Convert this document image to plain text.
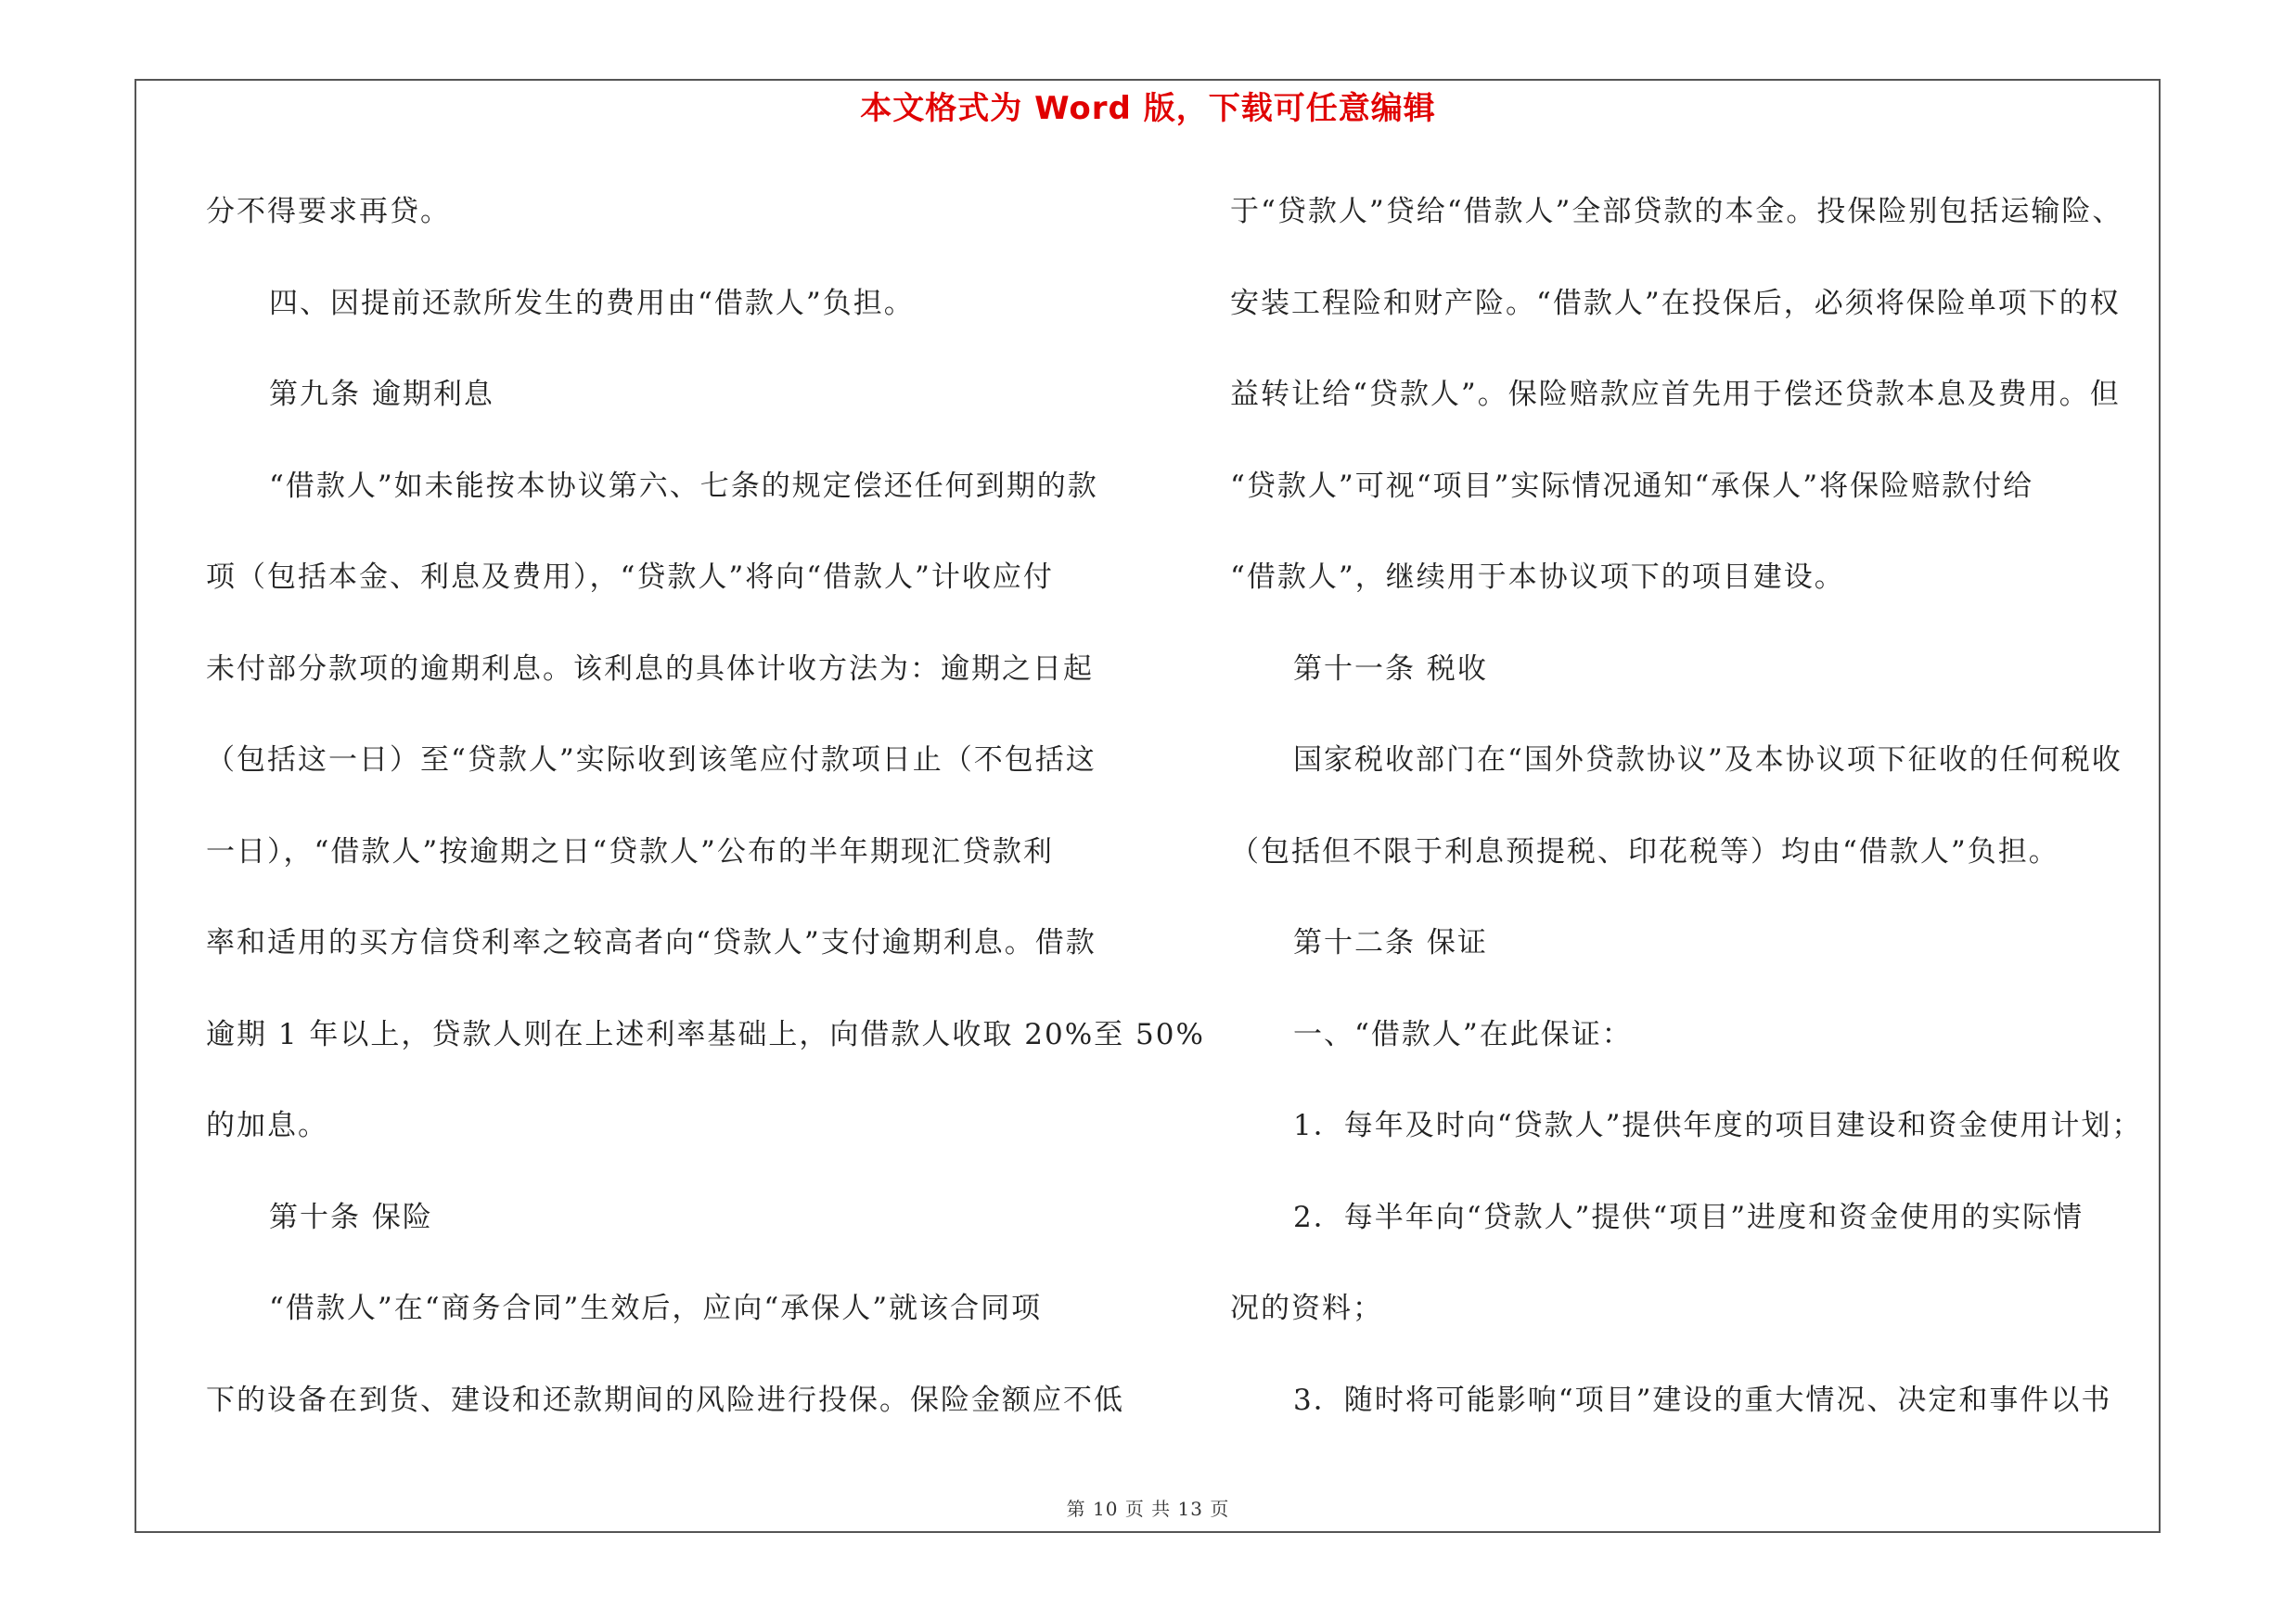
本文格式为 Word 版，下载可任意编辑
分不得要求再贷。
四、因提前还款所发生的费用由“借款人”负担。
第九条 逾期利息
“借款人”如未能按本协议第六、七条的规定偿还任何到期的款
项（包括本金、利息及费用），“贷款人”将向“借款人”计收应付
未付部分款项的逾期利息。该利息的具体计收方法为：逾期之日起
（包括这一日）至“贷款人”实际收到该笔应付款项日止（不包括这
一日），“借款人”按逾期之日“贷款人”公布的半年期现汇贷款利
率和适用的买方信贷利率之较高者向“贷款人”支付逾期利息。借款
逾期 1 年以上，贷款人则在上述利率基础上，向借款人收取 20%至 50%
的加息。
第十条 保险
“借款人”在“商务合同”生效后，应向“承保人”就该合同项
下的设备在到货、建设和还款期间的风险进行投保。保险金额应不低
于“贷款人”贷给“借款人”全部贷款的本金。投保险别包括运输险、
安装工程险和财产险。“借款人”在投保后，必须将保险单项下的权
益转让给“贷款人”。保险赔款应首先用于偿还贷款本息及费用。但
“贷款人”可视“项目”实际情况通知“承保人”将保险赔款付给
“借款人”，继续用于本协议项下的项目建设。
第十一条 税收
国家税收部门在“国外贷款协议”及本协议项下征收的任何税收
（包括但不限于利息预提税、印花税等）均由“借款人”负担。
第十二条 保证
一、“借款人”在此保证：
1．每年及时向“贷款人”提供年度的项目建设和资金使用计划；
2．每半年向“贷款人”提供“项目”进度和资金使用的实际情
况的资料；
3．随时将可能影响“项目”建设的重大情况、决定和事件以书
第 10 页 共 13 页
